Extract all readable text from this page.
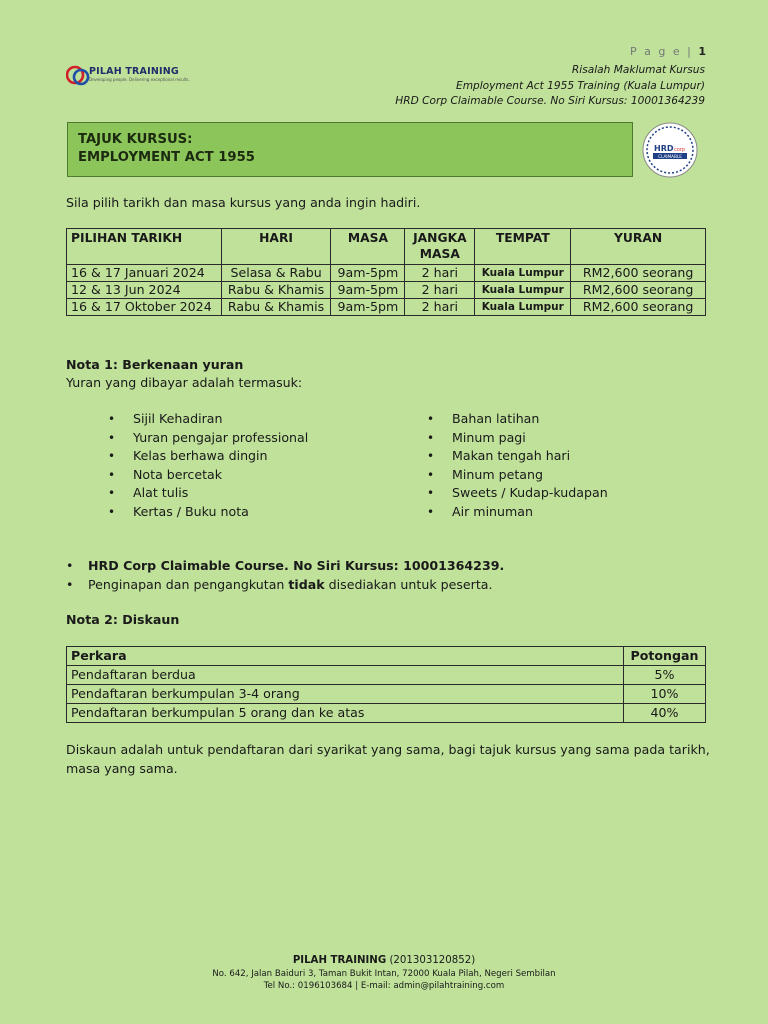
P a g e | 1
PILAH TRAINING
Developing people. Delivering exceptional results.
Risalah Maklumat Kursus
Employment Act 1955 Training (Kuala Lumpur)
HRD Corp Claimable Course. No Siri Kursus: 10001364239
TAJUK KURSUS:
EMPLOYMENT ACT 1955
HRD corp
CLAIMABLE
Sila pilih tarikh dan masa kursus yang anda ingin hadiri.
PILIHAN TARIKH	HARI	MASA	JANGKA MASA	TEMPAT	YURAN
16 & 17 Januari 2024	Selasa & Rabu	9am-5pm	2 hari	Kuala Lumpur	RM2,600 seorang
12 & 13 Jun 2024	Rabu & Khamis	9am-5pm	2 hari	Kuala Lumpur	RM2,600 seorang
16 & 17 Oktober 2024	Rabu & Khamis	9am-5pm	2 hari	Kuala Lumpur	RM2,600 seorang
Nota 1: Berkenaan yuran
Yuran yang dibayar adalah termasuk:
• Sijil Kehadiran
• Yuran pengajar professional
• Kelas berhawa dingin
• Nota bercetak
• Alat tulis
• Kertas / Buku nota
• Bahan latihan
• Minum pagi
• Makan tengah hari
• Minum petang
• Sweets / Kudap-kudapan
• Air minuman
• HRD Corp Claimable Course. No Siri Kursus: 10001364239.
• Penginapan dan pengangkutan tidak disediakan untuk peserta.
Nota 2: Diskaun
Perkara	Potongan
Pendaftaran berdua	5%
Pendaftaran berkumpulan 3-4 orang	10%
Pendaftaran berkumpulan 5 orang dan ke atas	40%
Diskaun adalah untuk pendaftaran dari syarikat yang sama, bagi tajuk kursus yang sama pada tarikh, masa yang sama.
PILAH TRAINING (201303120852)
No. 642, Jalan Baiduri 3, Taman Bukit Intan, 72000 Kuala Pilah, Negeri Sembilan
Tel No.: 0196103684 | E-mail: admin@pilahtraining.com
